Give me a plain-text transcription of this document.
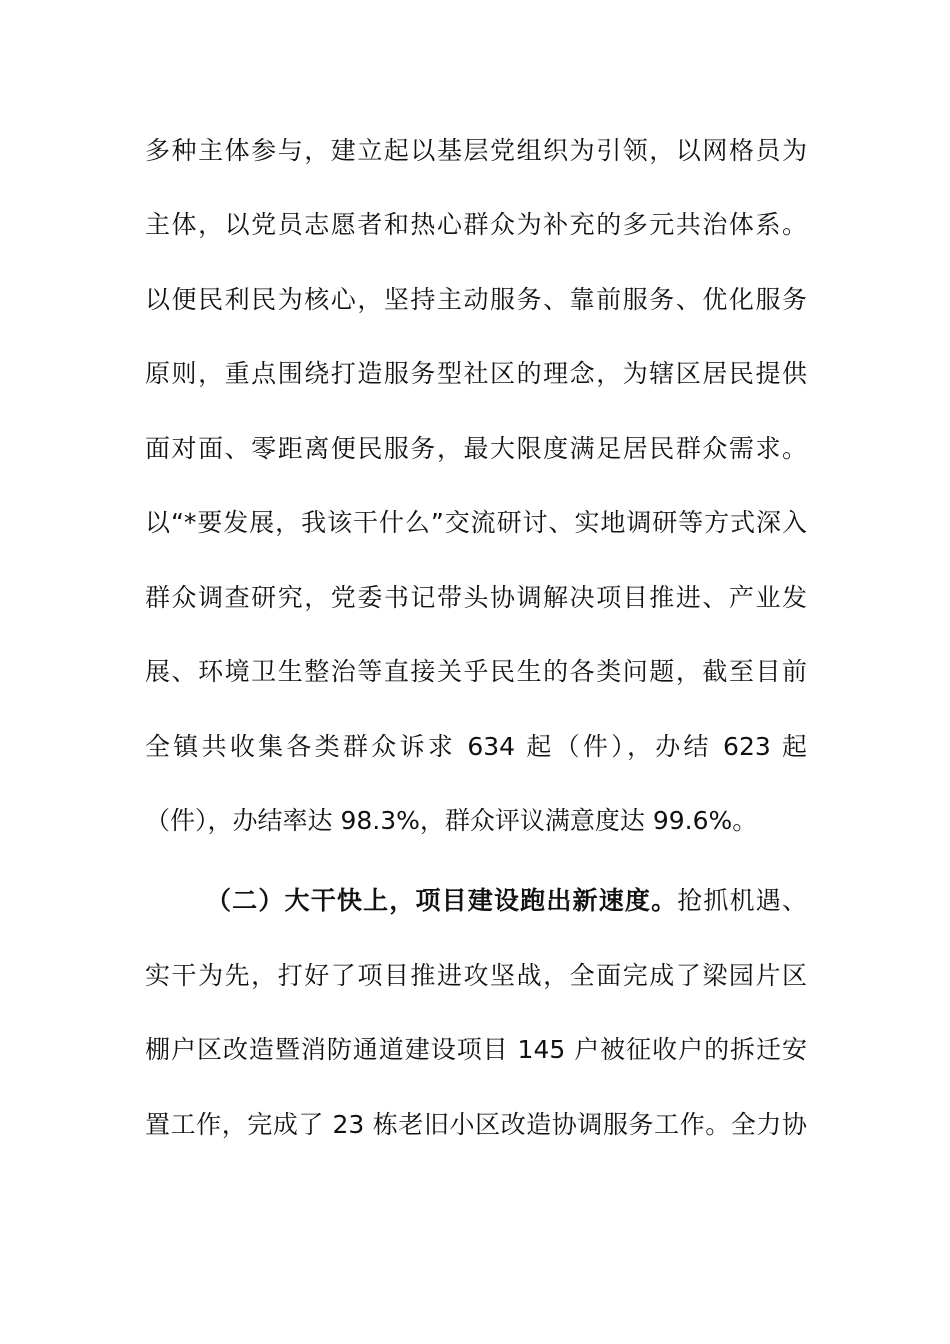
多种主体参与，建立起以基层党组织为引领，以网格员为
主体，以党员志愿者和热心群众为补充的多元共治体系。
以便民利民为核心，坚持主动服务、靠前服务、优化服务
原则，重点围绕打造服务型社区的理念，为辖区居民提供
面对面、零距离便民服务，最大限度满足居民群众需求。
以“*要发展，我该干什么”交流研讨、实地调研等方式深入
群众调查研究，党委书记带头协调解决项目推进、产业发
展、环境卫生整治等直接关乎民生的各类问题，截至目前
全镇共收集各类群众诉求 634 起（件），办结 623 起
（件），办结率达 98.3%，群众评议满意度达 99.6%。
（二）大干快上，项目建设跑出新速度。抢抓机遇、
实干为先，打好了项目推进攻坚战，全面完成了梁园片区
棚户区改造暨消防通道建设项目 145 户被征收户的拆迁安
置工作，完成了 23 栋老旧小区改造协调服务工作。全力协
